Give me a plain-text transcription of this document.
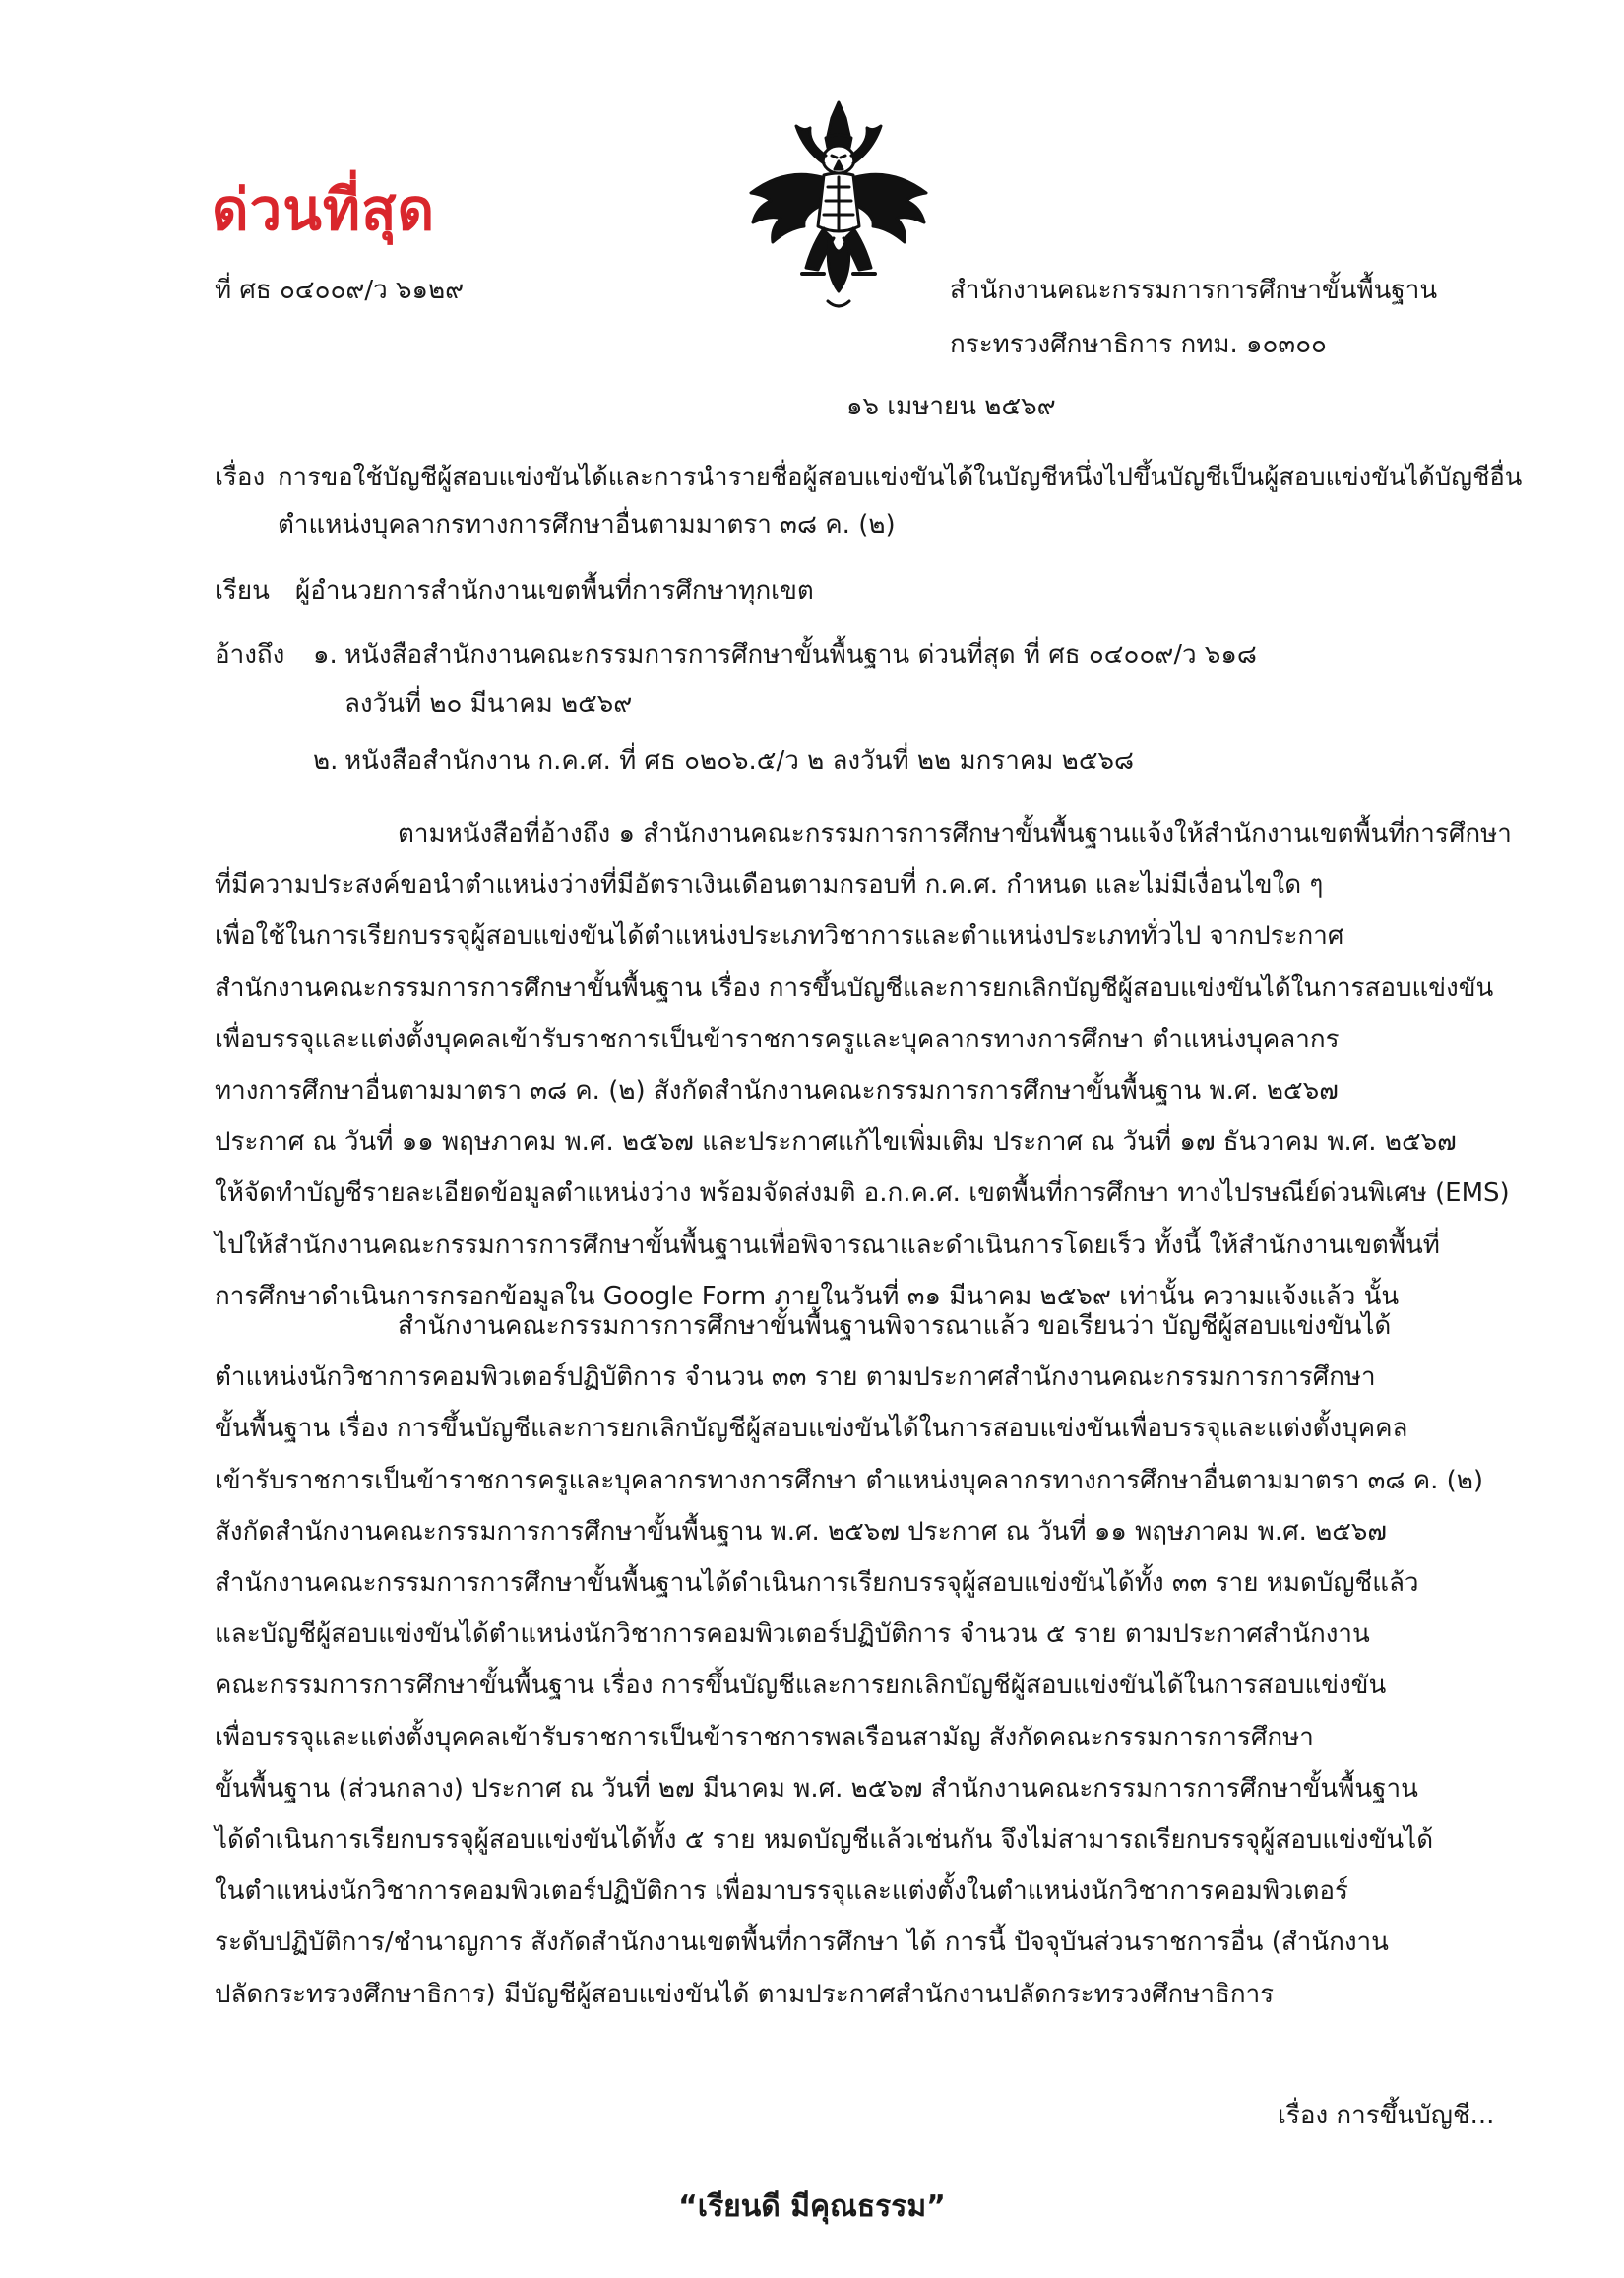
ด่วนที่สุด
ที่ ศธ ๐๔๐๐๙/ว ๖๑๒๙	สำนักงานคณะกรรมการการศึกษาขั้นพื้นฐาน
กระทรวงศึกษาธิการ กทม. ๑๐๓๐๐
๑๖ เมษายน ๒๕๖๙
เรื่อง การขอใช้บัญชีผู้สอบแข่งขันได้และการนำรายชื่อผู้สอบแข่งขันได้ในบัญชีหนึ่งไปขึ้นบัญชีเป็นผู้สอบแข่งขันได้บัญชีอื่น
ตำแหน่งบุคลากรทางการศึกษาอื่นตามมาตรา ๓๘ ค. (๒)
เรียน ผู้อำนวยการสำนักงานเขตพื้นที่การศึกษาทุกเขต
อ้างถึง ๑. หนังสือสำนักงานคณะกรรมการการศึกษาขั้นพื้นฐาน ด่วนที่สุด ที่ ศธ ๐๔๐๐๙/ว ๖๑๘
ลงวันที่ ๒๐ มีนาคม ๒๕๖๙
๒. หนังสือสำนักงาน ก.ค.ศ. ที่ ศธ ๐๒๐๖.๕/ว ๒ ลงวันที่ ๒๒ มกราคม ๒๕๖๘
ตามหนังสือที่อ้างถึง ๑ สำนักงานคณะกรรมการการศึกษาขั้นพื้นฐานแจ้งให้สำนักงานเขตพื้นที่การศึกษา
ที่มีความประสงค์ขอนำตำแหน่งว่างที่มีอัตราเงินเดือนตามกรอบที่ ก.ค.ศ. กำหนด และไม่มีเงื่อนไขใด ๆ
เพื่อใช้ในการเรียกบรรจุผู้สอบแข่งขันได้ตำแหน่งประเภทวิชาการและตำแหน่งประเภททั่วไป จากประกาศ
สำนักงานคณะกรรมการการศึกษาขั้นพื้นฐาน เรื่อง การขึ้นบัญชีและการยกเลิกบัญชีผู้สอบแข่งขันได้ในการสอบแข่งขัน
เพื่อบรรจุและแต่งตั้งบุคคลเข้ารับราชการเป็นข้าราชการครูและบุคลากรทางการศึกษา ตำแหน่งบุคลากร
ทางการศึกษาอื่นตามมาตรา ๓๘ ค. (๒) สังกัดสำนักงานคณะกรรมการการศึกษาขั้นพื้นฐาน พ.ศ. ๒๕๖๗
ประกาศ ณ วันที่ ๑๑ พฤษภาคม พ.ศ. ๒๕๖๗ และประกาศแก้ไขเพิ่มเติม ประกาศ ณ วันที่ ๑๗ ธันวาคม พ.ศ. ๒๕๖๗
ให้จัดทำบัญชีรายละเอียดข้อมูลตำแหน่งว่าง พร้อมจัดส่งมติ อ.ก.ค.ศ. เขตพื้นที่การศึกษา ทางไปรษณีย์ด่วนพิเศษ (EMS)
ไปให้สำนักงานคณะกรรมการการศึกษาขั้นพื้นฐานเพื่อพิจารณาและดำเนินการโดยเร็ว ทั้งนี้ ให้สำนักงานเขตพื้นที่
การศึกษาดำเนินการกรอกข้อมูลใน Google Form ภายในวันที่ ๓๑ มีนาคม ๒๕๖๙ เท่านั้น ความแจ้งแล้ว นั้น
สำนักงานคณะกรรมการการศึกษาขั้นพื้นฐานพิจารณาแล้ว ขอเรียนว่า บัญชีผู้สอบแข่งขันได้
ตำแหน่งนักวิชาการคอมพิวเตอร์ปฏิบัติการ จำนวน ๓๓ ราย ตามประกาศสำนักงานคณะกรรมการการศึกษา
ขั้นพื้นฐาน เรื่อง การขึ้นบัญชีและการยกเลิกบัญชีผู้สอบแข่งขันได้ในการสอบแข่งขันเพื่อบรรจุและแต่งตั้งบุคคล
เข้ารับราชการเป็นข้าราชการครูและบุคลากรทางการศึกษา ตำแหน่งบุคลากรทางการศึกษาอื่นตามมาตรา ๓๘ ค. (๒)
สังกัดสำนักงานคณะกรรมการการศึกษาขั้นพื้นฐาน พ.ศ. ๒๕๖๗ ประกาศ ณ วันที่ ๑๑ พฤษภาคม พ.ศ. ๒๕๖๗
สำนักงานคณะกรรมการการศึกษาขั้นพื้นฐานได้ดำเนินการเรียกบรรจุผู้สอบแข่งขันได้ทั้ง ๓๓ ราย หมดบัญชีแล้ว
และบัญชีผู้สอบแข่งขันได้ตำแหน่งนักวิชาการคอมพิวเตอร์ปฏิบัติการ จำนวน ๕ ราย ตามประกาศสำนักงาน
คณะกรรมการการศึกษาขั้นพื้นฐาน เรื่อง การขึ้นบัญชีและการยกเลิกบัญชีผู้สอบแข่งขันได้ในการสอบแข่งขัน
เพื่อบรรจุและแต่งตั้งบุคคลเข้ารับราชการเป็นข้าราชการพลเรือนสามัญ สังกัดคณะกรรมการการศึกษา
ขั้นพื้นฐาน (ส่วนกลาง) ประกาศ ณ วันที่ ๒๗ มีนาคม พ.ศ. ๒๕๖๗ สำนักงานคณะกรรมการการศึกษาขั้นพื้นฐาน
ได้ดำเนินการเรียกบรรจุผู้สอบแข่งขันได้ทั้ง ๕ ราย หมดบัญชีแล้วเช่นกัน จึงไม่สามารถเรียกบรรจุผู้สอบแข่งขันได้
ในตำแหน่งนักวิชาการคอมพิวเตอร์ปฏิบัติการ เพื่อมาบรรจุและแต่งตั้งในตำแหน่งนักวิชาการคอมพิวเตอร์
ระดับปฏิบัติการ/ชำนาญการ สังกัดสำนักงานเขตพื้นที่การศึกษา ได้ การนี้ ปัจจุบันส่วนราชการอื่น (สำนักงาน
ปลัดกระทรวงศึกษาธิการ) มีบัญชีผู้สอบแข่งขันได้ ตามประกาศสำนักงานปลัดกระทรวงศึกษาธิการ
เรื่อง การขึ้นบัญชี...
“เรียนดี มีคุณธรรม”
